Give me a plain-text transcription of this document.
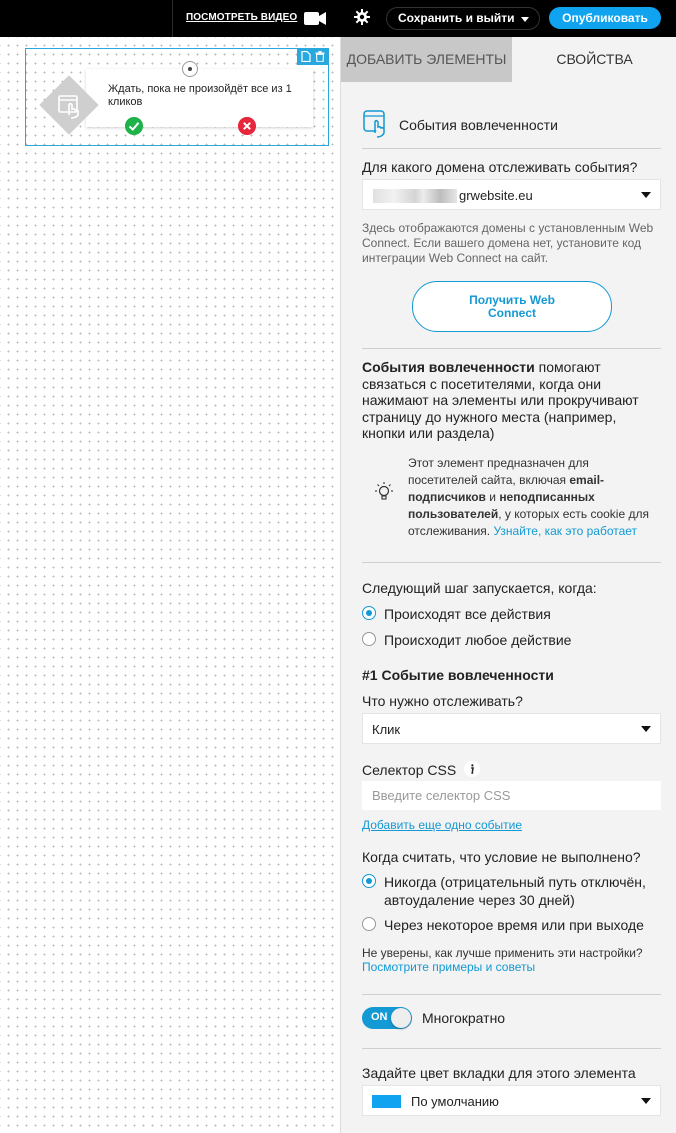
ПОСМОТРЕТЬ ВИДЕО	Сохранить и выйти	Опубликовать
Ждать, пока не произойдёт все из 1 кликов
ДОБАВИТЬ ЭЛЕМЕНТЫ	СВОЙСТВА
События вовлеченности
Для какого домена отслеживать события?
grwebsite.eu
Здесь отображаются домены с установленным Web Connect. Если вашего домена нет, установите код интеграции Web Connect на сайт.
Получить Web Connect
События вовлеченности помогают связаться с посетителями, когда они нажимают на элементы или прокручивают страницу до нужного места (например, кнопки или раздела)
Этот элемент предназначен для посетителей сайта, включая email-подписчиков и неподписанных пользователей, у которых есть cookie для отслеживания. Узнайте, как это работает
Следующий шаг запускается, когда:
Происходят все действия
Происходит любое действие
#1 Событие вовлеченности
Что нужно отслеживать?
Клик
Селектор CSS
Введите селектор CSS
Добавить еще одно событие
Когда считать, что условие не выполнено?
Никогда (отрицательный путь отключён, автоудаление через 30 дней)
Через некоторое время или при выходе
Не уверены, как лучше применить эти настройки?
Посмотрите примеры и советы
ON Многократно
Задайте цвет вкладки для этого элемента
По умолчанию
